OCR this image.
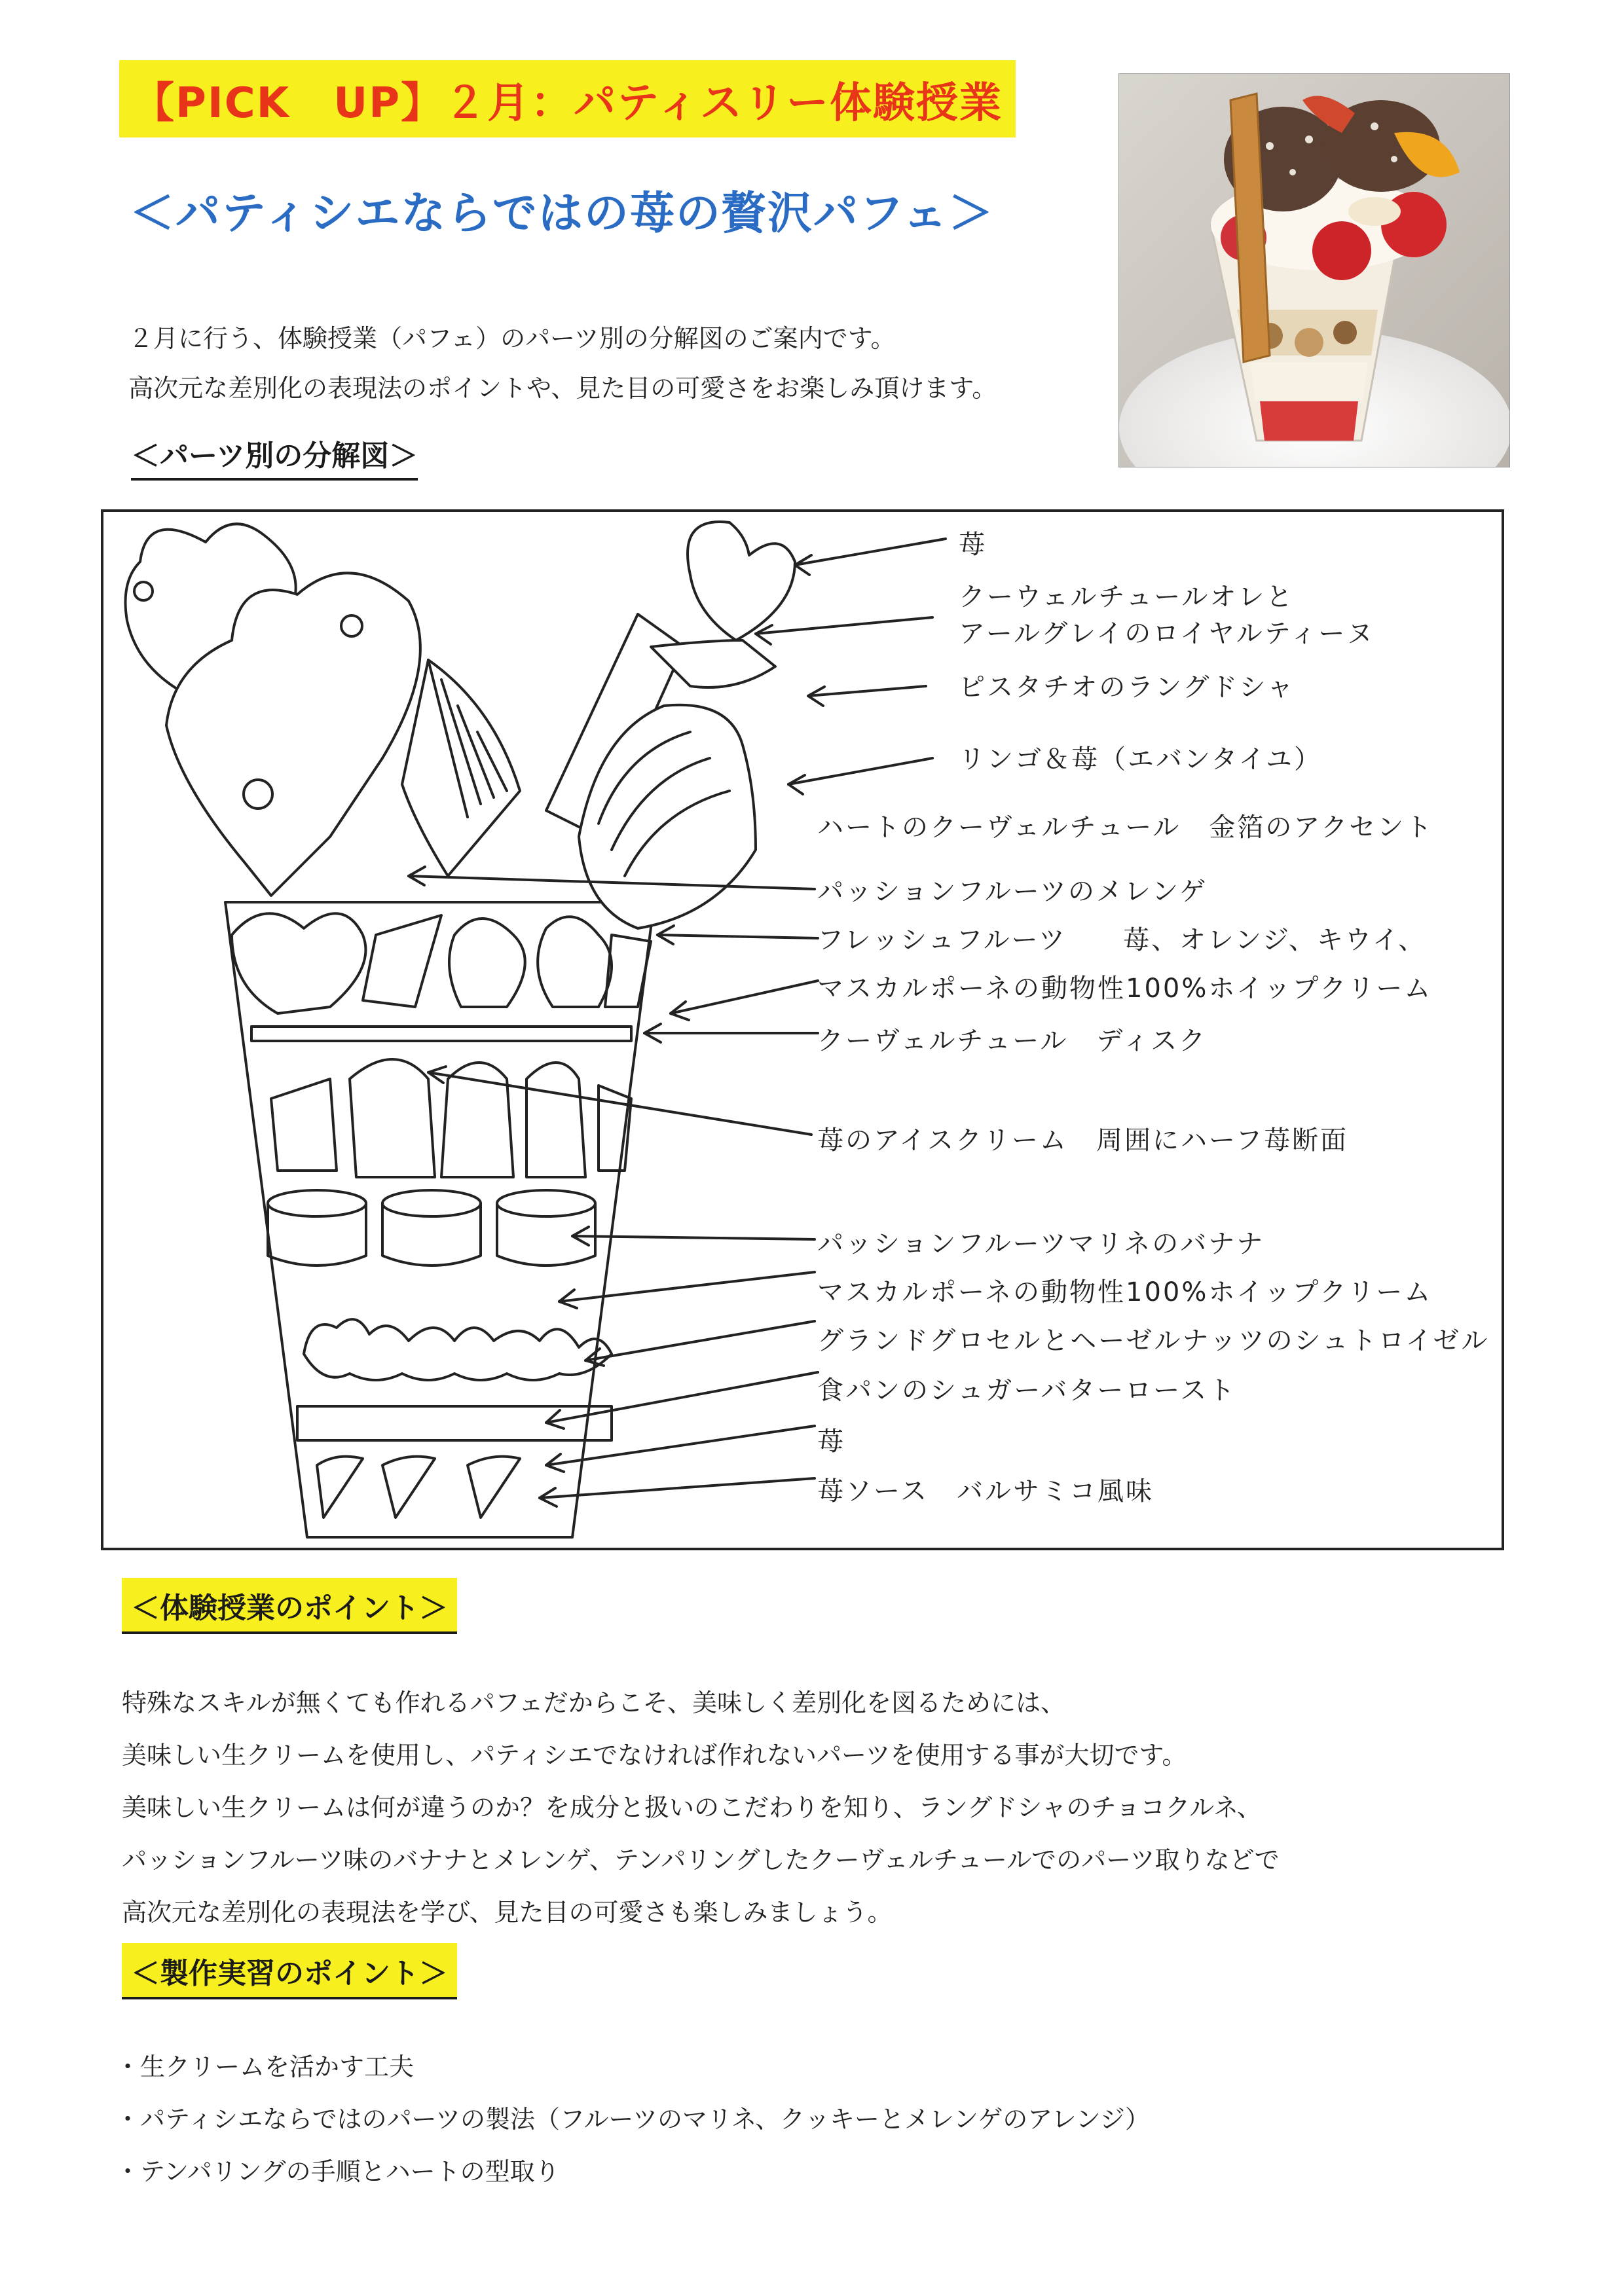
【PICK　UP】２月：パティスリー体験授業
＜パティシエならではの苺の贅沢パフェ＞
２月に行う、体験授業（パフェ）のパーツ別の分解図のご案内です。
高次元な差別化の表現法のポイントや、見た目の可愛さをお楽しみ頂けます。
＜パーツ別の分解図＞
苺
クーウェルチュールオレと
アールグレイのロイヤルティーヌ
ピスタチオのラングドシャ
リンゴ＆苺（エバンタイユ）
ハートのクーヴェルチュール　金箔のアクセント
パッションフルーツのメレンゲ
フレッシュフルーツ　　苺、オレンジ、キウイ、
マスカルポーネの動物性100%ホイップクリーム
クーヴェルチュール　ディスク
苺のアイスクリーム　周囲にハーフ苺断面
パッションフルーツマリネのバナナ
マスカルポーネの動物性100%ホイップクリーム
グランドグロセルとヘーゼルナッツのシュトロイゼル
食パンのシュガーバターロースト
苺
苺ソース　バルサミコ風味
＜体験授業のポイント＞
特殊なスキルが無くても作れるパフェだからこそ、美味しく差別化を図るためには、
美味しい生クリームを使用し、パティシエでなければ作れないパーツを使用する事が大切です。
美味しい生クリームは何が違うのか？を成分と扱いのこだわりを知り、ラングドシャのチョコクルネ、
パッションフルーツ味のバナナとメレンゲ、テンパリングしたクーヴェルチュールでのパーツ取りなどで
高次元な差別化の表現法を学び、見た目の可愛さも楽しみましょう。
＜製作実習のポイント＞
・生クリームを活かす工夫
・パティシエならではのパーツの製法（フルーツのマリネ、クッキーとメレンゲのアレンジ）
・テンパリングの手順とハートの型取り
